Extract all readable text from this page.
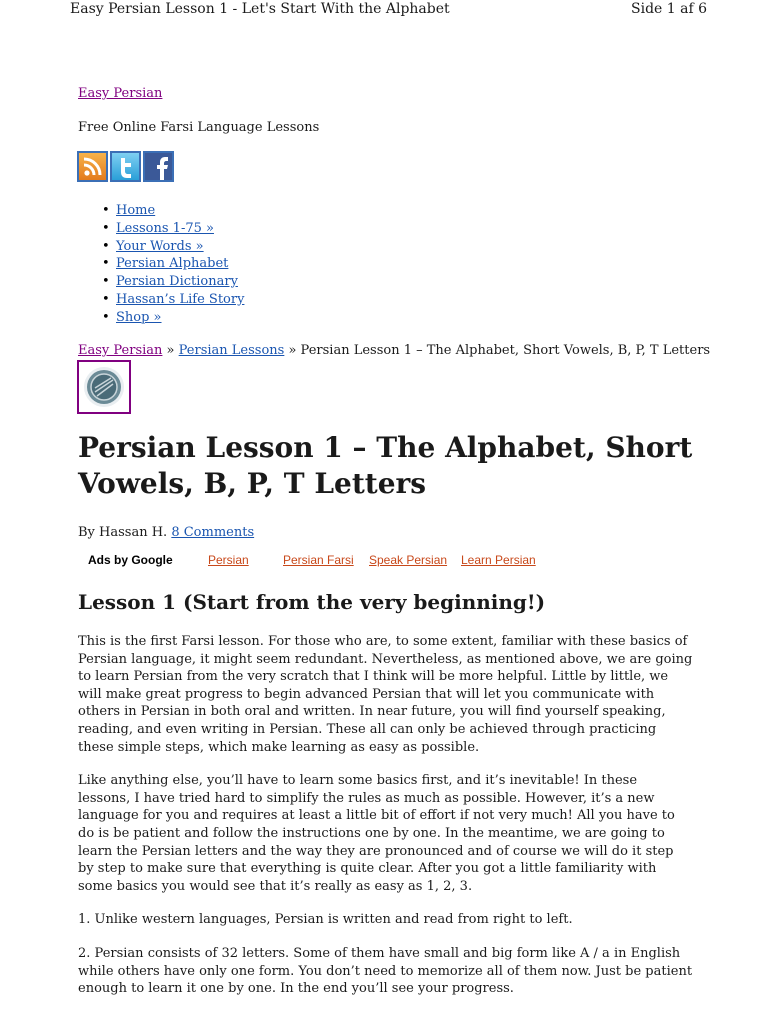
Easy Persian Lesson 1 - Let's Start With the Alphabet	Side 1 af 6
Easy Persian
Free Online Farsi Language Lessons
• Home
• Lessons 1-75 »
• Your Words »
• Persian Alphabet
• Persian Dictionary
• Hassan’s Life Story
• Shop »
Easy Persian » Persian Lessons » Persian Lesson 1 – The Alphabet, Short Vowels, B, P, T Letters
Persian Lesson 1 – The Alphabet, Short Vowels, B, P, T Letters
By Hassan H. 8 Comments
Ads by Google	Persian	Persian Farsi Speak Persian Learn Persian
Lesson 1 (Start from the very beginning!)

This is the first Farsi lesson. For those who are, to some extent, familiar with these basics of Persian language, it might seem redundant. Nevertheless, as mentioned above, we are going to learn Persian from the very scratch that I think will be more helpful. Little by little, we will make great progress to begin advanced Persian that will let you communicate with others in Persian in both oral and written. In near future, you will find yourself speaking, reading, and even writing in Persian. These all can only be achieved through practicing these simple steps, which make learning as easy as possible.

Like anything else, you’ll have to learn some basics first, and it’s inevitable! In these lessons, I have tried hard to simplify the rules as much as possible. However, it’s a new language for you and requires at least a little bit of effort if not very much! All you have to do is be patient and follow the instructions one by one. In the meantime, we are going to learn the Persian letters and the way they are pronounced and of course we will do it step by step to make sure that everything is quite clear. After you got a little familiarity with some basics you would see that it’s really as easy as 1, 2, 3.

1. Unlike western languages, Persian is written and read from right to left.

2. Persian consists of 32 letters. Some of them have small and big form like A / a in English while others have only one form. You don’t need to memorize all of them now. Just be patient enough to learn it one by one. In the end you’ll see your progress.
